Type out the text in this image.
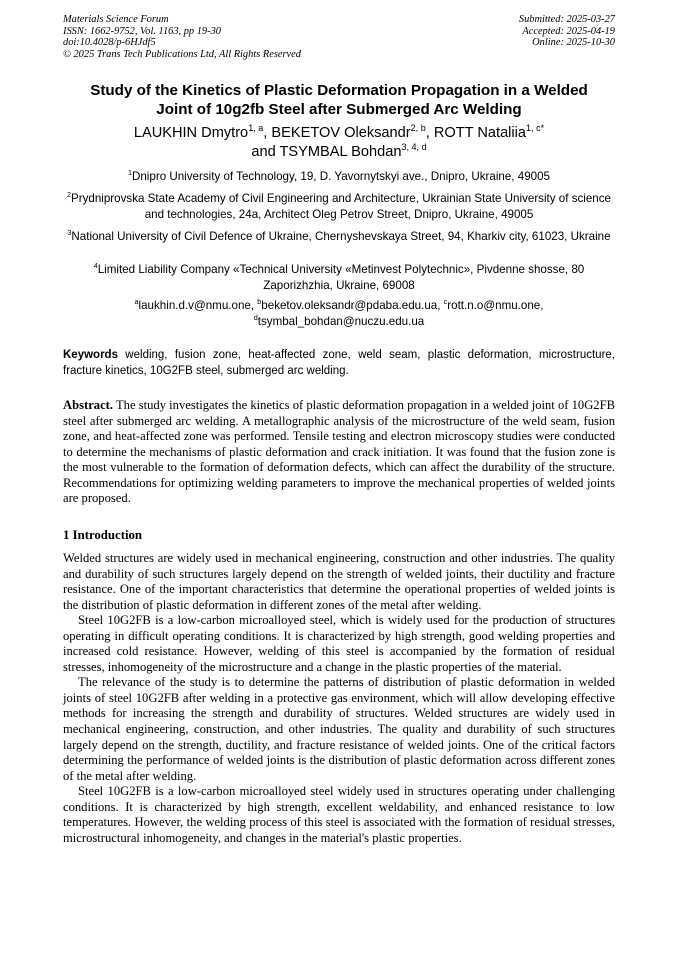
Materials Science Forum
ISSN: 1662-9752, Vol. 1163, pp 19-30
doi:10.4028/p-6HJdf5
© 2025 Trans Tech Publications Ltd, All Rights Reserved
Submitted: 2025-03-27
Accepted: 2025-04-19
Online: 2025-10-30
Study of the Kinetics of Plastic Deformation Propagation in a Welded
Joint of 10g2fb Steel after Submerged Arc Welding
LAUKHIN Dmytro$^{1, a}$, BEKETOV Oleksandr$^{2, b}$, ROTT Nataliia$^{1, c*}$
and TSYMBAL Bohdan$^{3, 4, d}$
$^1$Dnipro University of Technology, 19, D. Yavornytskyi ave., Dnipro, Ukraine, 49005
$^2$Prydniprovska State Academy of Civil Engineering and Architecture, Ukrainian State University of science and technologies, 24a, Architect Oleg Petrov Street, Dnipro, Ukraine, 49005
$^3$National University of Civil Defence of Ukraine, Chernyshevskaya Street, 94, Kharkiv city, 61023, Ukraine
$^4$Limited Liability Company «Technical University «Metinvest Polytechnic», Pivdenne shosse, 80 Zaporizhzhia, Ukraine, 69008
$^a$laukhin.d.v@nmu.one, $^b$beketov.oleksandr@pdaba.edu.ua, $^c$rott.n.o@nmu.one,
$^d$tsymbal_bohdan@nuczu.edu.ua
Keywords welding, fusion zone, heat-affected zone, weld seam, plastic deformation, microstructure, fracture kinetics, 10G2FB steel, submerged arc welding.
Abstract. The study investigates the kinetics of plastic deformation propagation in a welded joint of 10G2FB steel after submerged arc welding. A metallographic analysis of the microstructure of the weld seam, fusion zone, and heat-affected zone was performed. Tensile testing and electron microscopy studies were conducted to determine the mechanisms of plastic deformation and crack initiation. It was found that the fusion zone is the most vulnerable to the formation of deformation defects, which can affect the durability of the structure. Recommendations for optimizing welding parameters to improve the mechanical properties of welded joints are proposed.
1 Introduction

Welded structures are widely used in mechanical engineering, construction and other industries. The quality and durability of such structures largely depend on the strength of welded joints, their ductility and fracture resistance. One of the important characteristics that determine the operational properties of welded joints is the distribution of plastic deformation in different zones of the metal after welding.

Steel 10G2FB is a low-carbon microalloyed steel, which is widely used for the production of structures operating in difficult operating conditions. It is characterized by high strength, good welding properties and increased cold resistance. However, welding of this steel is accompanied by the formation of residual stresses, inhomogeneity of the microstructure and a change in the plastic properties of the material.

The relevance of the study is to determine the patterns of distribution of plastic deformation in welded joints of steel 10G2FB after welding in a protective gas environment, which will allow developing effective methods for increasing the strength and durability of structures. Welded structures are widely used in mechanical engineering, construction, and other industries. The quality and durability of such structures largely depend on the strength, ductility, and fracture resistance of welded joints. One of the critical factors determining the performance of welded joints is the distribution of plastic deformation across different zones of the metal after welding.

Steel 10G2FB is a low-carbon microalloyed steel widely used in structures operating under challenging conditions. It is characterized by high strength, excellent weldability, and enhanced resistance to low temperatures. However, the welding process of this steel is associated with the formation of residual stresses, microstructural inhomogeneity, and changes in the material's plastic properties.
